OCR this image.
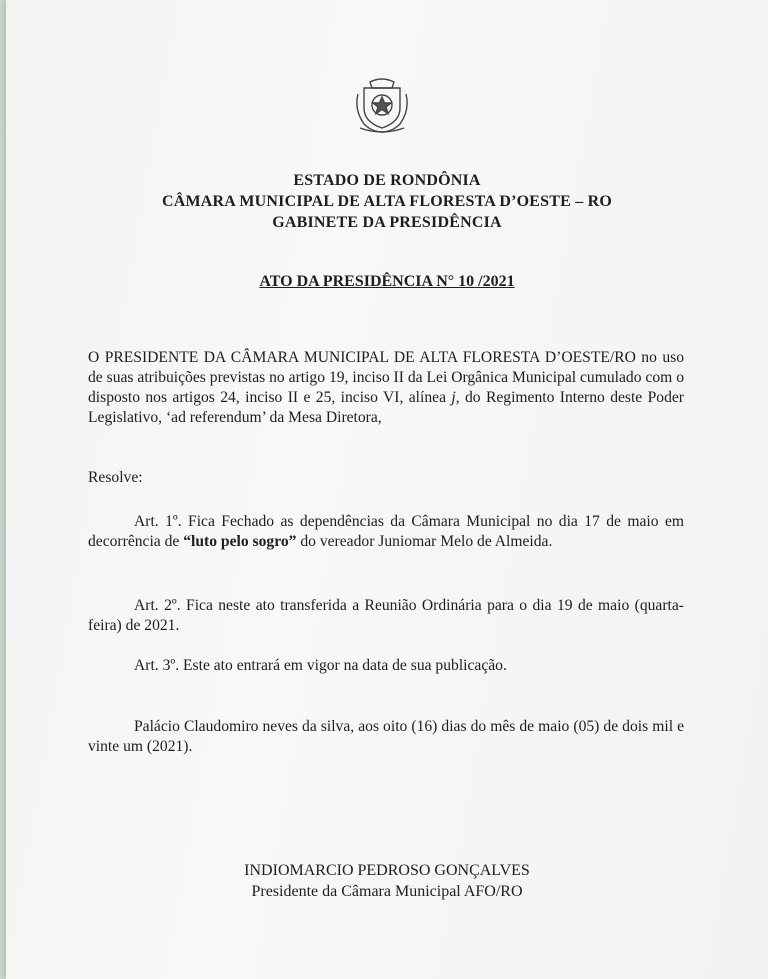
ESTADO DE RONDÔNIA
CÂMARA MUNICIPAL DE ALTA FLORESTA D’OESTE – RO
GABINETE DA PRESIDÊNCIA
ATO DA PRESIDÊNCIA N° 10 /2021
O PRESIDENTE DA CÂMARA MUNICIPAL DE ALTA FLORESTA D’OESTE/RO no uso de suas atribuições previstas no artigo 19, inciso II da Lei Orgânica Municipal cumulado com o disposto nos artigos 24, inciso II e 25, inciso VI, alínea j, do Regimento Interno deste Poder Legislativo, ‘ad referendum’ da Mesa Diretora,
Resolve:
Art. 1º. Fica Fechado as dependências da Câmara Municipal no dia 17 de maio em decorrência de “luto pelo sogro” do vereador Juniomar Melo de Almeida.
Art. 2º. Fica neste ato transferida a Reunião Ordinária para o dia 19 de maio (quarta-feira) de 2021.
Art. 3º. Este ato entrará em vigor na data de sua publicação.
Palácio Claudomiro neves da silva, aos oito (16) dias do mês de maio (05) de dois mil e vinte um (2021).
INDIOMARCIO PEDROSO GONÇALVES
Presidente da Câmara Municipal AFO/RO
